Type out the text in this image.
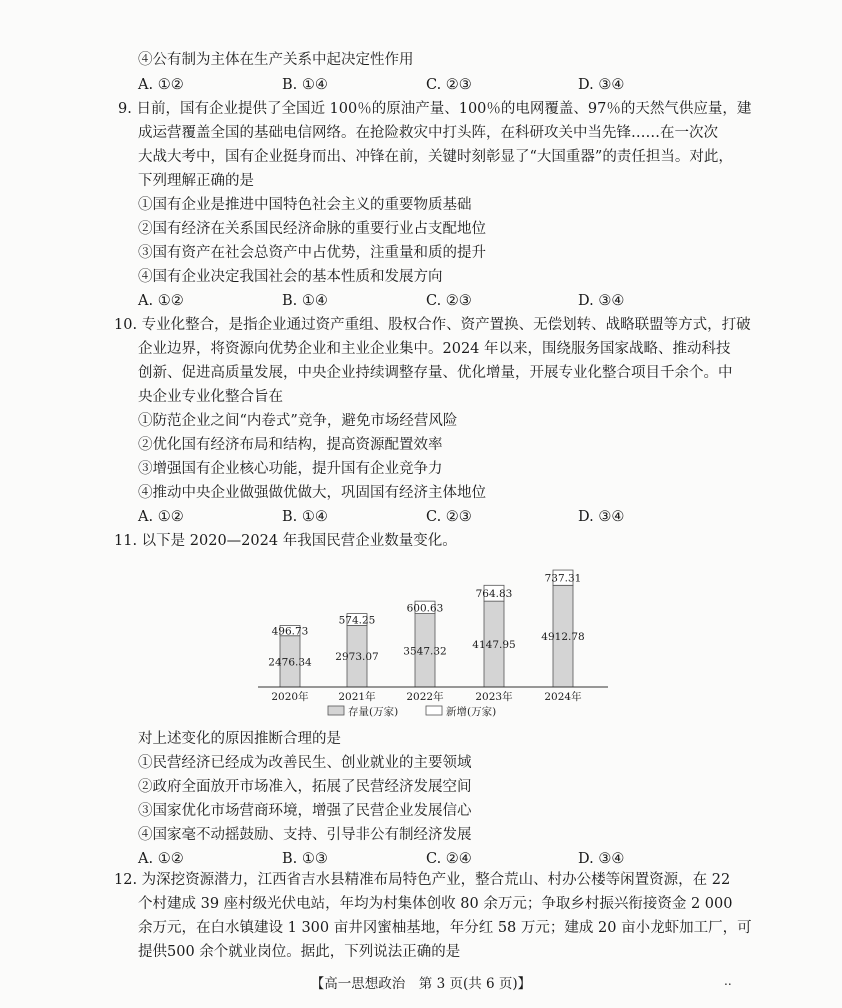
④公有制为主体在生产关系中起决定性作用
A. ①②	B. ①④	C. ②③	D. ③④
9. 日前，国有企业提供了全国近 100％的原油产量、100％的电网覆盖、97％的天然气供应量，建
成运营覆盖全国的基础电信网络。在抢险救灾中打头阵，在科研攻关中当先锋……在一次次
大战大考中，国有企业挺身而出、冲锋在前，关键时刻彰显了“大国重器”的责任担当。对此，
下列理解正确的是
①国有企业是推进中国特色社会主义的重要物质基础
②国有经济在关系国民经济命脉的重要行业占支配地位
③国有资产在社会总资产中占优势，注重量和质的提升
④国有企业决定我国社会的基本性质和发展方向
A. ①②	B. ①④	C. ②③	D. ③④
10. 专业化整合，是指企业通过资产重组、股权合作、资产置换、无偿划转、战略联盟等方式，打破
企业边界，将资源向优势企业和主业企业集中。2024 年以来，围绕服务国家战略、推动科技
创新、促进高质量发展，中央企业持续调整存量、优化增量，开展专业化整合项目千余个。中
央企业专业化整合旨在
①防范企业之间“内卷式”竞争，避免市场经营风险
②优化国有经济布局和结构，提高资源配置效率
③增强国有企业核心功能，提升国有企业竞争力
④推动中央企业做强做优做大，巩固国有经济主体地位
A. ①②	B. ①④	C. ②③	D. ③④
11. 以下是 2020—2024 年我国民营企业数量变化。
2476.34
496.73
2020年
2973.07
574.25
2021年
3547.32
600.63
2022年
4147.95
764.83
2023年
4912.78
737.31
2024年
存量(万家)	新增(万家)
对上述变化的原因推断合理的是
①民营经济已经成为改善民生、创业就业的主要领域
②政府全面放开市场准入，拓展了民营经济发展空间
③国家优化市场营商环境，增强了民营企业发展信心
④国家毫不动摇鼓励、支持、引导非公有制经济发展
A. ①②	B. ①③	C. ②④	D. ③④
12. 为深挖资源潜力，江西省吉水县精准布局特色产业，整合荒山、村办公楼等闲置资源，在 22
个村建成 39 座村级光伏电站，年均为村集体创收 80 余万元；争取乡村振兴衔接资金 2 000
余万元，在白水镇建设 1 300 亩井冈蜜柚基地，年分红 58 万元；建成 20 亩小龙虾加工厂，可
提供500 余个就业岗位。据此，下列说法正确的是
【高一思想政治　第 3 页(共 6 页)】	..
